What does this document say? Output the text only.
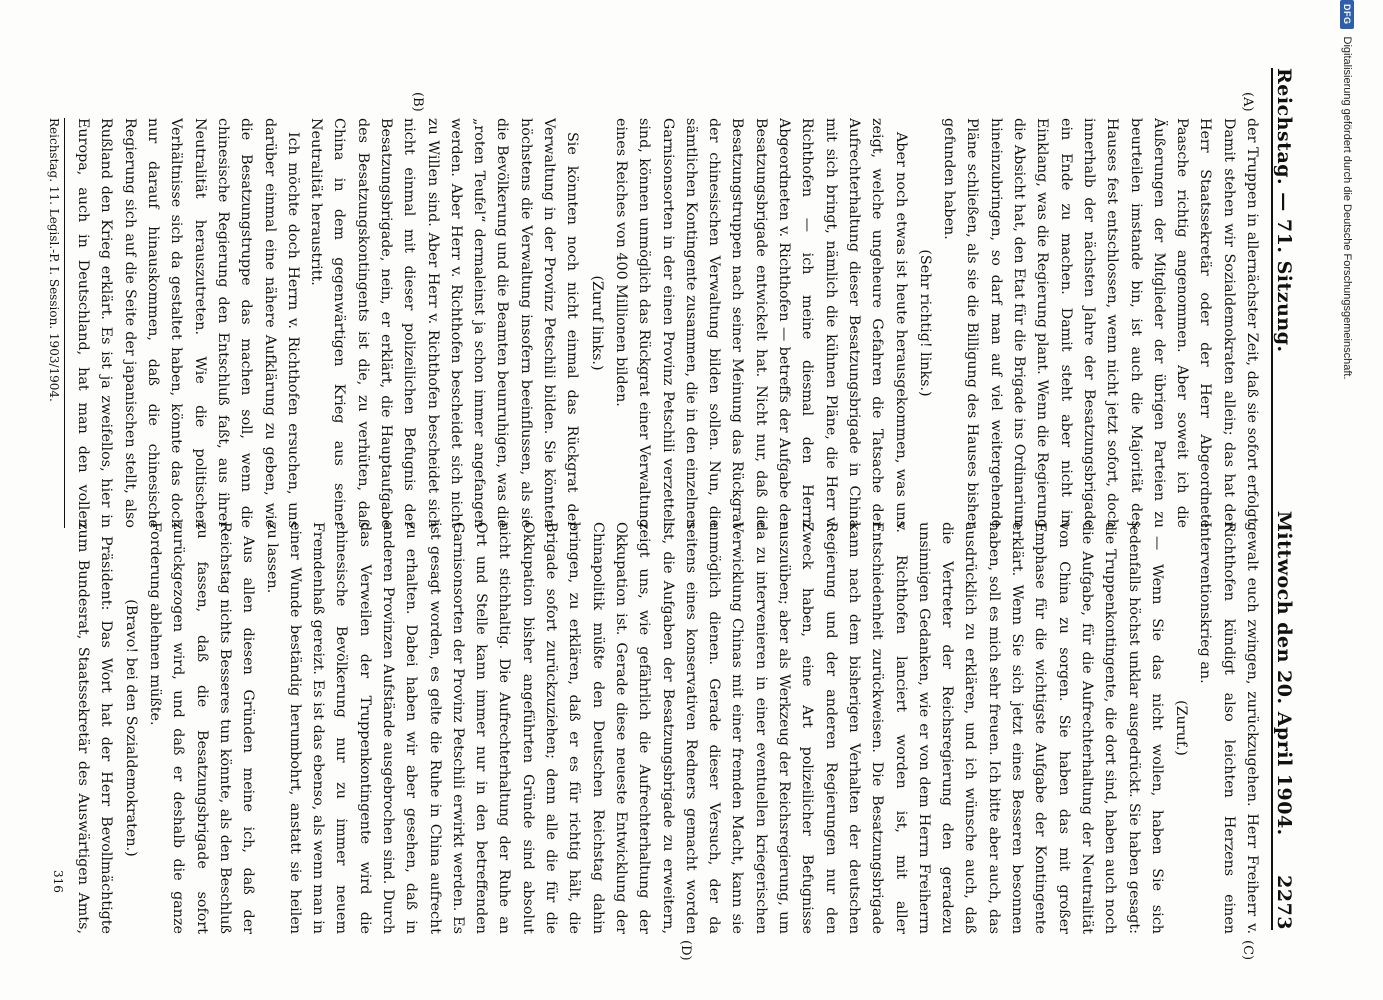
Reichstag. — 71. Sitzung.
Mittwoch den 20. April 1904.
2273
(A)
(B)
(C)
(D)

der Truppen in allernächster Zeit, daß sie sofort erfolgt. Damit stehen wir Sozialdemokraten allein; das hat der Herr Staatssekretär oder der Herr Abgeordnete Paasche richtig angenommen. Aber soweit ich die Äußerungen der Mitglieder der übrigen Parteien zu beurteilen imstande bin, ist auch die Majorität des Hauses fest entschlossen, wenn nicht jetzt sofort, doch innerhalb der nächsten Jahre der Besatzungsbrigade ein Ende zu machen. Damit steht aber nicht im Einklang, was die Regierung plant. Wenn die Regierung die Absicht hat, den Etat für die Brigade ins Ordinarium hineinzubringen, so darf man auf viel weitergehende Pläne schließen, als sie die Billigung des Hauses bisher gefunden haben.

(Sehr richtig! links.)

Aber noch etwas ist heute herausgekommen, was uns zeigt, welche ungeheure Gefahren die Tatsache der Aufrechterhaltung dieser Besatzungsbrigade in China mit sich bringt, nämlich die kühnen Pläne, die Herr v. Richthofen — ich meine diesmal den Herrn Abgeordneten v. Richthofen — betreffs der Aufgabe der Besatzungsbrigade entwickelt hat. Nicht nur, daß die Besatzungstruppen nach seiner Meinung das Rückgrat der chinesischen Verwaltung bilden sollen. Nun, die sämtlichen Kontingente zusammen, die in den einzelnen Garnisonsorten in der einen Provinz Petschili verzettelt sind, können unmöglich das Rückgrat einer Verwaltung eines Reiches von 400 Millionen bilden.

(Zuruf links.)

Sie könnten noch nicht einmal das Rückgrat der Verwaltung in der Provinz Petschili bilden. Sie könnten höchstens die Verwaltung insofern beeinflussen, als sie die Bevölkerung und die Beamten beunruhigen, was die „roten Teufel“ dermaleinst ja schon immer angefangen werden. Aber Herr v. Richthofen bescheidet sich nicht zu Willen sind. Aber Herr v. Richthofen bescheidet sich nicht einmal mit dieser polizeilichen Befugnis der Besatzungsbrigade, nein, er erklärt, die Hauptaufgabe des Besatzungskontingents ist die, zu verhüten, daß China in dem gegenwärtigen Krieg aus seiner Neutralität heraustritt.

Ich möchte doch Herrn v. Richthofen ersuchen, uns darüber einmal eine nähere Aufklärung zu geben, wie die Besatzungstruppe das machen soll, wenn die chinesische Regierung den Entschluß faßt, aus ihrer Neutralität herauszutreten. Wie die politischen Verhältnisse sich da gestaltet haben, könnte das doch nur darauf hinauskommen, daß die chinesische Regierung sich auf die Seite der japanischen stellt, also Rußland den Krieg erklärt. Es ist ja zweifellos, hier in Europa, auch in Deutschland, hat man den vollen

gewalt euch zwingen, zurückzugehen. Herr Freiherr v. Richthofen kündigt also leichten Herzens einen Interventionskrieg an.

(Zuruf.)

— Wenn Sie das nicht wollen, haben Sie sich jedenfalls höchst unklar ausgedrückt. Sie haben gesagt: die Truppenkontingente, die dort sind, haben auch noch die Aufgabe, für die Aufrechterhaltung der Neutralität von China zu sorgen. Sie haben das mit großer Emphase für die wichtigste Aufgabe der Kontingente erklärt. Wenn Sie sich jetzt eines Besseren besonnen haben, soll es mich sehr freuen. Ich bitte aber auch, das ausdrücklich zu erklären, und ich wünsche auch, daß die Vertreter der Reichsregierung den geradezu unsinnigen Gedanken, wie er von dem Herrn Freiherrn v. Richthofen lanciert worden ist, mit aller Entschiedenheit zurückweisen. Die Besatzungsbrigade kann nach dem bisherigen Verhalten der deutschen Regierung und der anderen Regierungen nur den Zweck haben, eine Art polizeilicher Befugnisse auszuüben; aber als Werkzeug der Reichsregierung, um da zu intervenieren in einer eventuellen kriegerischen Verwicklung Chinas mit einer fremden Macht, kann sie unmöglich dienen. Gerade dieser Versuch, der da seitens eines konservativen Redners gemacht worden ist, die Aufgaben der Besatzungsbrigade zu erweitern, zeigt uns, wie gefährlich die Aufrechterhaltung der Okkupation ist. Gerade diese neueste Entwicklung der Chinapolitik müßte den Deutschen Reichstag dahin bringen, zu erklären, daß er es für richtig hält, die Brigade sofort zurückzuziehen; denn alle die für die Okkupation bisher angeführten Gründe sind absolut nicht stichhaltig. Die Aufrechterhaltung der Ruhe an Ort und Stelle kann immer nur in den betreffenden Garnisonsorten der Provinz Petschili erwirkt werden. Es ist gesagt worden, es gelte die Ruhe in China aufrecht zu erhalten. Dabei haben wir aber gesehen, daß in anderen Provinzen Aufstände ausgebrochen sind. Durch das Verweilen der Truppenkontingente wird die chinesische Bevölkerung nur zu immer neuem Fremdenhaß gereizt. Es ist das ebenso, als wenn man in einer Wunde beständig herumbohrt, anstatt sie heilen zu lassen.

Aus allen diesen Gründen meine ich, daß der Reichstag nichts Besseres tun könnte, als den Beschluß zu fassen, daß die Besatzungsbrigade sofort zurückgezogen wird, und daß er deshalb die ganze Forderung ablehnen müßte.

(Bravo! bei den Sozialdemokraten.)

Präsident: Das Wort hat der Herr Bevollmächtigte zum Bundesrat, Staatssekretär des Auswärtigen Amts,

Reichstag. 11. Legisl.-P. I. Session. 1903/1904.
316
DFG
Digitalisierung gefördert durch die Deutsche Forschungsgemeinschaft.
